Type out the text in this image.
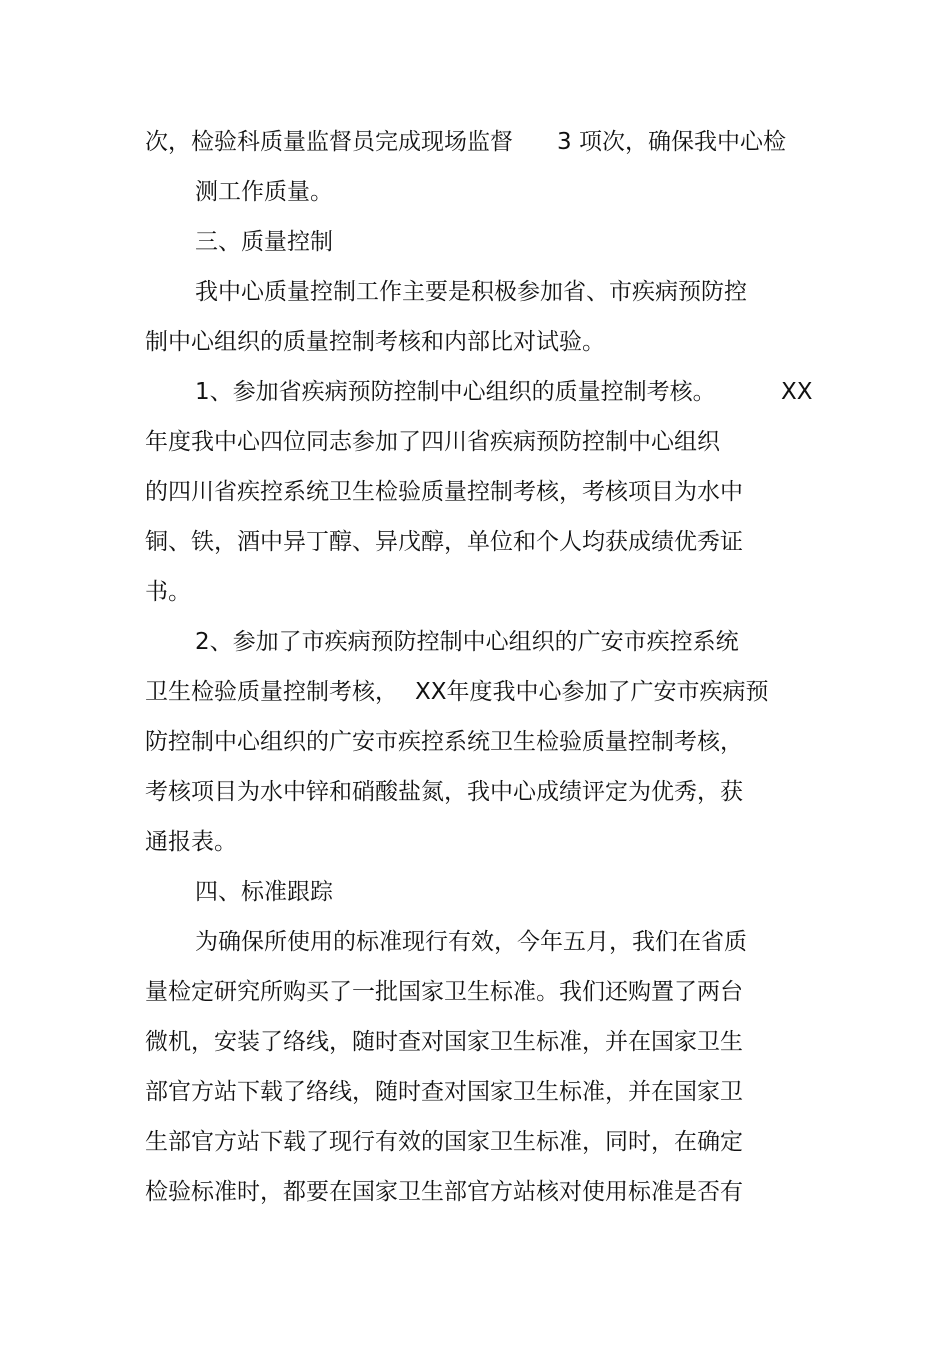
次，检验科质量监督员完成现场监督 3 项次，确保我中心检
测工作质量。
三、质量控制
我中心质量控制工作主要是积极参加省、市疾病预防控
制中心组织的质量控制考核和内部比对试验。
1、参加省疾病预防控制中心组织的质量控制考核。	XX
年度我中心四位同志参加了四川省疾病预防控制中心组织
的四川省疾控系统卫生检验质量控制考核，考核项目为水中
铜、铁，酒中异丁醇、异戊醇，单位和个人均获成绩优秀证
书。
2、参加了市疾病预防控制中心组织的广安市疾控系统
卫生检验质量控制考核， XX年度我中心参加了广安市疾病预
防控制中心组织的广安市疾控系统卫生检验质量控制考核，
考核项目为水中锌和硝酸盐氮，我中心成绩评定为优秀，获
通报表。
四、标准跟踪
为确保所使用的标准现行有效，今年五月，我们在省质
量检定研究所购买了一批国家卫生标准。我们还购置了两台
微机，安装了络线，随时查对国家卫生标准，并在国家卫生
部官方站下载了络线，随时查对国家卫生标准，并在国家卫
生部官方站下载了现行有效的国家卫生标准，同时，在确定
检验标准时，都要在国家卫生部官方站核对使用标准是否有
